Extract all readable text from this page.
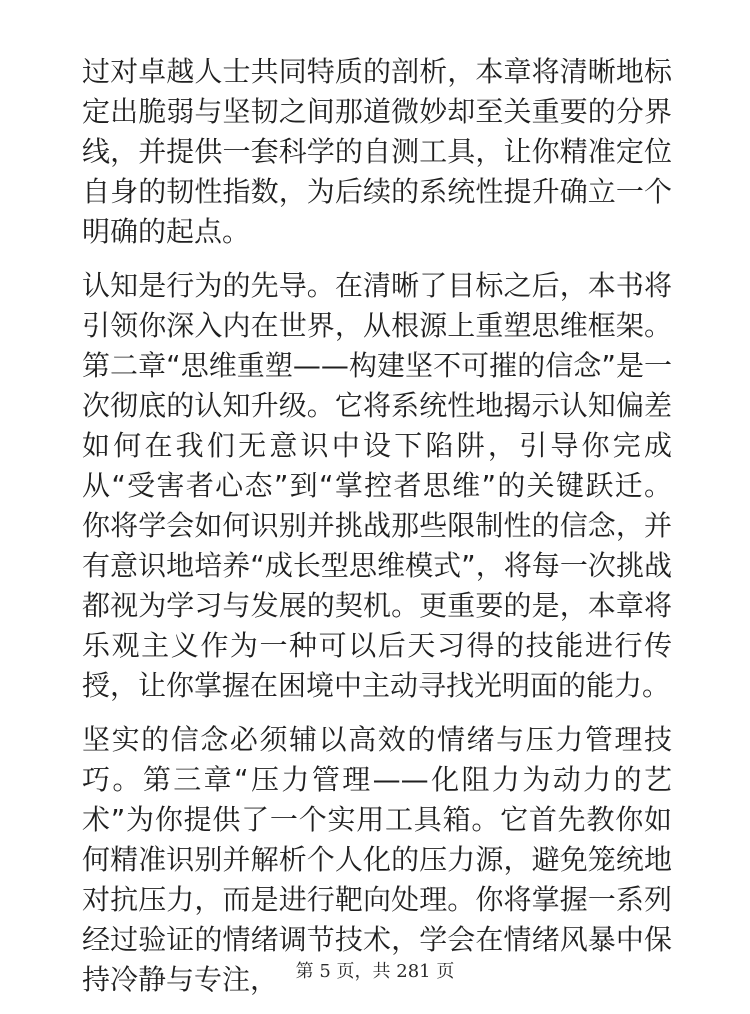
过对卓越人士共同特质的剖析，本章将清晰地标定出脆弱与坚韧之间那道微妙却至关重要的分界线，并提供一套科学的自测工具，让你精准定位自身的韧性指数，为后续的系统性提升确立一个明确的起点。

认知是行为的先导。在清晰了目标之后，本书将引领你深入内在世界，从根源上重塑思维框架。第二章“思维重塑——构建坚不可摧的信念”是一次彻底的认知升级。它将系统性地揭示认知偏差如何在我们无意识中设下陷阱，引导你完成从“受害者心态”到“掌控者思维”的关键跃迁。你将学会如何识别并挑战那些限制性的信念，并有意识地培养“成长型思维模式”，将每一次挑战都视为学习与发展的契机。更重要的是，本章将乐观主义作为一种可以后天习得的技能进行传授，让你掌握在困境中主动寻找光明面的能力。

坚实的信念必须辅以高效的情绪与压力管理技巧。第三章“压力管理——化阻力为动力的艺术”为你提供了一个实用工具箱。它首先教你如何精准识别并解析个人化的压力源，避免笼统地对抗压力，而是进行靶向处理。你将掌握一系列经过验证的情绪调节技术，学会在情绪风暴中保持冷静与专注， 第 5 页，共 281 页
